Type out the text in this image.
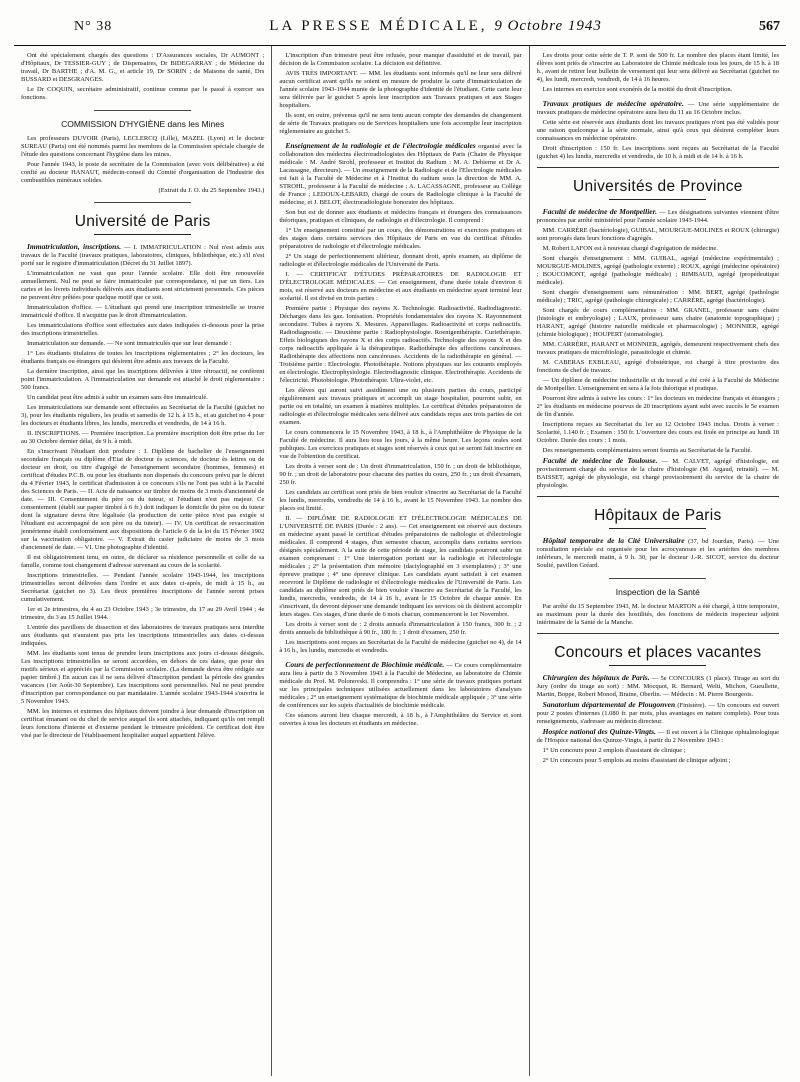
N° 38	LA PRESSE MÉDICALE, 9 Octobre 1943	567

Ont été spécialement chargés des questions : D'Assurances sociales, Dr AUMONT ; d'Hôpitaux, Dr TESSIER-GUY ; de Dispensaires, Dr BIDEGARRAY ; de Médecine du travail, Dr BARTHE ; d'A. M. G., et article 19, Dr SORIN ; de Maisons de santé, Drs BUSSARD et DESGRANGES.

Le Dr COQUIN, secrétaire administratif, continue comme par le passé à exercer ses fonctions.

COMMISSION D'HYGIÈNE dans les Mines

Les professeurs DUVOIR (Paris), LECLERCQ (Lille), MAZEL (Lyon) et le docteur SUREAU (Paris) ont été nommés parmi les membres de la Commission spéciale chargée de l'étude des questions concernant l'hygiène dans les mines.

Pour l'année 1943, le poste de secrétaire de la Commission (avec voix délibérative) a été confié au docteur HANAUT, médecin-conseil du Comité d'organisation de l'Industrie des combustibles minéraux solides.

(Extrait du J. O. du 25 Septembre 1943.)
Université de Paris

Immatriculation, inscriptions. — I. IMMATRICULATION : Nul n'est admis aux travaux de la Faculté (travaux pratiques, laboratoires, cliniques, bibliothèque, etc.) s'il n'est porté sur le registre d'immatriculation (Décret du 31 Juillet 1897).

L'immatriculation ne vaut que pour l'année scolaire. Elle doit être renouvelée annuellement. Nul ne peut se faire immatriculer par correspondance, ni par un tiers. Les cartes et les livrets individuels délivrés aux étudiants sont strictement personnels. Ces pièces ne peuvent être prêtées pour quelque motif que ce soit.

Immatriculation d'office. — L'étudiant qui prend une inscription trimestrielle se trouve immatriculé d'office. Il n'acquitte pas le droit d'immatriculation.

Les immatriculations d'office sont effectuées aux dates indiquées ci-dessous pour la prise des inscriptions trimestrielles.

Immatriculation sur demande. — Ne sont immatriculés que sur leur demande :

1° Les étudiants titulaires de toutes les inscriptions réglementaires ; 2° les docteurs, les étudiants français ou étrangers qui désirent être admis aux travaux de la Faculté.

La dernière inscription, ainsi que les inscriptions délivrées à titre rétroactif, ne confèrent point l'immatriculation. A l'immatriculation sur demande est attaché le droit réglementaire : 500 francs.

Un candidat peut être admis à subir un examen sans être immatriculé.

Les immatriculations sur demande sont effectuées au Secrétariat de la Faculté (guichet no 3), pour les étudiants réguliers, les jeudis et samedis de 12 h. à 15 h., et au guichet no 4 pour les docteurs et étudiants libres, les lundis, mercredis et vendredis, de 14 à 16 h.

II. INSCRIPTIONS. — Première inscription. La première inscription doit être prise du 1er au 30 Octobre dernier délai, de 9 h. à midi.

En s'inscrivant l'étudiant doit produire : I. Diplôme de bachelier de l'enseignement secondaire français ou diplôme d'Etat de docteur ès sciences, de docteur ès lettres ou de docteur en droit, ou titre d'agrégé de l'enseignement secondaire (hommes, femmes) et certificat d'études P.C.B. ou pour les étudiants non dispensés du concours prévu par le décret du 4 Février 1943, le certificat d'admission à ce concours s'ils ne l'ont pas subi à la Faculté des Sciences de Paris. — II. Acte de naissance sur timbre de moins de 3 mois d'ancienneté de date. — III. Consentement du père ou du tuteur, si l'étudiant n'est pas majeur. Ce consentement (établi sur papier timbré à 6 fr.) doit indiquer le domicile du père ou du tuteur dont la signature devra être légalisée (la production de cette pièce n'est pas exigée si l'étudiant est accompagné de son père ou du tuteur). — IV. Un certificat de revaccination jennérienne établi conformément aux dispositions de l'article 6 de la loi du 15 Février 1902 sur la vaccination obligatoire. — V. Extrait du casier judiciaire de moins de 3 mois d'ancienneté de date. — VI. Une photographie d'identité.

Il est obligatoirement tenu, en outre, de déclarer sa résidence personnelle et celle de sa famille, comme tout changement d'adresse survenant au cours de la scolarité.

Inscriptions trimestrielles. — Pendant l'année scolaire 1943-1944, les inscriptions trimestrielles seront délivrées dans l'ordre et aux dates ci-après, de midi à 15 h., au Secrétariat (guichet no 3). Les deux premières inscriptions de l'année seront prises cumulativement.

1er et 2e trimestres, du 4 au 23 Octobre 1943 ; 3e trimestre, du 17 au 29 Avril 1944 ; 4e trimestre, du 3 au 15 Juillet 1944.

L'entrée des pavillons de dissection et des laboratoires de travaux pratiques sera interdite aux étudiants qui n'auraient pas pris les inscriptions trimestrielles aux dates ci-dessus indiquées.

MM. les étudiants sont tenus de prendre leurs inscriptions aux jours ci-dessus désignés. Les inscriptions trimestrielles ne seront accordées, en dehors de ces dates, que pour des motifs sérieux et appréciés par la Commission scolaire. (La demande devra être rédigée sur papier timbré.) En aucun cas il ne sera délivré d'inscription pendant la période des grandes vacances (1er Août-30 Septembre). Les inscriptions sont personnelles. Nul ne peut prendre d'inscription par correspondance ou par mandataire. L'année scolaire 1943-1944 s'ouvrira le 5 Novembre 1943.

MM. les internes et externes des hôpitaux doivent joindre à leur demande d'inscription un certificat émanant ou du chef de service auquel ils sont attachés, indiquant qu'ils ont rempli leurs fonctions d'interne et d'externe pendant le trimestre précédent. Ce certificat doit être visé par le directeur de l'établissement hospitalier auquel appartient l'élève.

L'inscription d'un trimestre peut être refusée, pour manque d'assiduité et de travail, par décision de la Commission scolaire. La décision est définitive.

AVIS TRÈS IMPORTANT. — MM. les étudiants sont informés qu'il ne leur sera délivré aucun certificat avant qu'ils ne soient en mesure de produire la carte d'immatriculation de l'année scolaire 1943-1944 munie de la photographie d'identité de l'étudiant. Cette carte leur sera délivrée par le guichet 5 après leur inscription aux Travaux pratiques et aux Stages hospitaliers.

Ils sont, en outre, prévenus qu'il ne sera tenu aucun compte des demandes de changement de série de Travaux pratiques ou de Services hospitaliers une fois accomplie leur inscription réglementaire au guichet 5.

Enseignement de la radiologie et de l'électrologie médicales organisé avec la collaboration des médecins électroradiologistes des Hôpitaux de Paris (Chaire de Physique médicale : M. André Strohl, professeur et Institut du Radium : M. A. Debierne et Dr A. Lacassagne, directeurs). — Un enseignement de la Radiologie et de l'Electrologie médicales est fait à la Faculté de Médecine et à l'Institut du radium sous la direction de MM. A. STROHL, professeur à la Faculté de médecine ; A. LACASSAGNE, professeur au Collège de France ; LEDOUX-LEBARD, chargé de cours de Radiologie clinique à la Faculté de médecine, et J. BELOT, électroradiologiste honoraire des hôpitaux.

Son but est de donner aux étudiants et médecins français et étrangers des connaissances théoriques, pratiques et cliniques, de radiologie et d'électrologie. Il comprend :

1° Un enseignement constitué par un cours, des démonstrations et exercices pratiques et des stages dans certains services des Hôpitaux de Paris en vue du certificat d'études préparatoires de radiologie et d'électrologie médicales.

2° Un stage de perfectionnement ultérieur, donnant droit, après examen, au diplôme de radiologie et d'électrologie médicales de l'Université de Paris.

I. — CERTIFICAT D'ÉTUDES PRÉPARATOIRES DE RADIOLOGIE ET D'ÉLECTROLOGIE MÉDICALES. — Cet enseignement, d'une durée totale d'environ 6 mois, est réservé aux docteurs en médecine et aux étudiants en médecine ayant terminé leur scolarité. Il est divisé en trois parties :

Première partie : Physique des rayons X. Technologie. Radioactivité. Radiodiagnostic. Décharges dans les gaz. Ionisation. Propriétés fondamentales des rayons X. Rayonnement secondaire. Tubes à rayons X. Mesures. Appareillages. Radioactivité et corps radioactifs. Radiodiagnostic. — Deuxième partie : Radiophysiologie. Roentgenthérapie. Curiethérapie. Effets biologiques des rayons X et des corps radioactifs. Technologie des rayons X et des corps radioactifs appliquée à la thérapeutique. Radiothérapie des affections cancéreuses. Radiothérapie des affections non cancéreuses. Accidents de la radiothérapie en général. — Troisième partie : Electrologie. Photothérapie. Notions physiques sur les courants employés en électrologie. Electrophysiologie. Electrodiagnostic clinique. Electrothérapie. Accidents de l'électricité. Photobiologie. Photothérapie. Ultra-violet, etc.

Les élèves qui auront suivi assidûment une ou plusieurs parties du cours, participé régulièrement aux travaux pratiques et accompli un stage hospitalier, pourront subir, en partie ou en totalité, un examen à matières multiples. Le certificat d'études préparatoires de radiologie et d'électrologie médicales sera délivré aux candidats reçus aux trois parties de cet examen.

Le cours commencera le 15 Novembre 1943, à 18 h., à l'Amphithéâtre de Physique de la Faculté de médecine. Il aura lieu tous les jours, à la même heure. Les leçons orales sont publiques. Les exercices pratiques et stages sont réservés à ceux qui se seront fait inscrire en vue de l'obtention du certificat.

Les droits à verser sont de : Un droit d'immatriculation, 150 fr. ; un droit de bibliothèque, 90 fr. ; un droit de laboratoire pour chacune des parties du cours, 250 fr. ; un droit d'examen, 250 fr.

Les candidats au certificat sont priés de bien vouloir s'inscrire au Secrétariat de la Faculté les lundis, mercredis, vendredis de 14 à 16 h., avant le 15 Novembre 1943. Le nombre des places est limité.

II. — DIPLÔME DE RADIOLOGIE ET D'ÉLECTROLOGIE MÉDICALES DE L'UNIVERSITÉ DE PARIS (Durée : 2 ans). — Cet enseignement est réservé aux docteurs en médecine ayant passé le certificat d'études préparatoires de radiologie et d'électrologie médicales. Il comprend 4 stages, d'un semestre chacun, accomplis dans certains services désignés spécialement. A la suite de cette période de stage, les candidats pourront subir un examen comprenant : 1° Une interrogation portant sur la radiologie et l'électrologie médicales ; 2° la présentation d'un mémoire (dactylographié en 3 exemplaires) ; 3° une épreuve pratique ; 4° une épreuve clinique. Les candidats ayant satisfait à cet examen recevront le Diplôme de radiologie et d'électrologie médicales de l'Université de Paris. Les candidats au diplôme sont priés de bien vouloir s'inscrire au Secrétariat de la Faculté, les lundis, mercredis, vendredis, de 14 à 16 h., avant le 15 Octobre de chaque année. En s'inscrivant, ils devront déposer une demande indiquant les services où ils désirent accomplir leurs stages. Ces stages, d'une durée de 6 mois chacun, commenceront le 1er Novembre.

Les droits à verser sont de : 2 droits annuels d'immatriculation à 150 francs, 300 fr. ; 2 droits annuels de bibliothèque à 90 fr., 180 fr. ; 1 droit d'examen, 250 fr.

Les inscriptions sont reçues au Secrétariat de la Faculté de médecine (guichet no 4), de 14 à 16 h., les lundis, mercredis et vendredis.

Cours de perfectionnement de Biochimie médicale. — Ce cours complémentaire aura lieu à partir du 3 Novembre 1943 à la Faculté de Médecine, au laboratoire de Chimie médicale du Prof. M. Polonovski. Il comprendra : 1° une série de travaux pratiques portant sur les principales techniques utilisées actuellement dans les laboratoires d'analyses médicales ; 2° un enseignement systématique de biochimie médicale appliquée ; 3° une série de conférences sur les sujets d'actualités de biochimie médicale.

Ces séances auront lieu chaque mercredi, à 18 h., à l'Amphithéâtre du Service et sont ouvertes à tous les docteurs et étudiants en médecine.

Les droits pour cette série de T. P. sont de 500 fr. Le nombre des places étant limité, les élèves sont priés de s'inscrire au Laboratoire de Chimie médicale tous les jours, de 15 h. à 18 h., avant de retirer leur bulletin de versement qui leur sera délivré au Secrétariat (guichet no 4), les lundi, mercredi, vendredi, de 14 à 16 heures.

Les internes en exercice sont exonérés de la moitié du droit d'inscription.

Travaux pratiques de médecine opératoire. — Une série supplémentaire de travaux pratiques de médecine opératoire aura lieu du 11 au 16 Octobre inclus.

Cette série est réservée aux étudiants dont les travaux pratiques n'ont pas été validés pour une raison quelconque à la série normale, ainsi qu'à ceux qui désirent compléter leurs connaissances en médecine opératoire.

Droit d'inscription : 150 fr. Les inscriptions sont reçues au Secrétariat de la Faculté (guichet 4) les lundis, mercredis et vendredis, de 10 h. à midi et de 14 h. à 16 h.

Universités de Province

Faculté de médecine de Montpellier. — Les désignations suivantes viennent d'être prononcées par arrêté ministériel pour l'année scolaire 1943-1944.

MM. CARRÈRE (bactériologie), GUIBAL, MOURGUE-MOLINES et ROUX (chirurgie) sont prorogés dans leurs fonctions d'agrégés.

M. Robert LAFON est à nouveau chargé d'agrégation de médecine.

Sont chargés d'enseignement : MM. GUIBAL, agrégé (médecine expérimentale) ; MOURGUE-MOLINES, agrégé (pathologie externe) ; ROUX, agrégé (médecine opératoire) ; BOUCOMONT, agrégé (pathologie médicale) ; RIMBAUD, agrégé (propédeutique médicale).

Sont chargés d'enseignement sans rémunération : MM. BERT, agrégé (pathologie médicale) ; TRIC, agrégé (pathologie chirurgicale) ; CARRÈRE, agrégé (bactériologie).

Sont chargés de cours complémentaires : MM. GRANEL, professeur sans chaire (histologie et embryologie) ; LAUX, professeur sans chaire (anatomie topographique) ; HARANT, agrégé (histoire naturelle médicale et pharmacologie) ; MONNIER, agrégé (chimie biologique) ; HOUPERT (stomatologie).

MM. CARRÈRE, HARANT et MONNIER, agrégés, demeurent respectivement chefs des travaux pratiques de microbiologie, parasitologie et chimie.

M. CABERAS EXBLEAU, agrégé d'obstétrique, est chargé à titre provisoire des fonctions de chef de travaux.

— Un diplôme de médecine industrielle et du travail a été créé à la Faculté de Médecine de Montpellier. L'enseignement en sera à la fois théorique et pratique.

Pourront être admis à suivre les cours : 1° les docteurs en médecine français et étrangers ; 2° les étudiants en médecine pourvus de 20 inscriptions ayant subi avec succès le 5e examen de fin d'année.

Inscriptions reçues au Secrétariat du 1er au 12 Octobre 1943 inclus. Droits à verser : Scolarité, 1.140 fr. ; Examen : 150 fr. L'ouverture des cours est fixée en principe au lundi 18 Octobre. Durée des cours : 1 mois.

Des renseignements complémentaires seront fournis au Secrétariat de la Faculté.

Faculté de médecine de Toulouse. — M. CALVET, agrégé d'histologie, est provisoirement chargé du service de la chaire d'histologie (M. Argaud, retraité). — M. BAISSET, agrégé de physiologie, est chargé provisoirement du service de la chaire de physiologie.

Hôpitaux de Paris

Hôpital temporaire de la Cité Universitaire (37, bd Jourdan, Paris). — Une consultation spéciale est organisée pour les acrocyanoses et les artérites des membres inférieurs, le mercredi matin, à 9 h. 30, par le docteur J.-R. SICOT, service du docteur Soulié, pavillon Gréard.

Inspection de la Santé

Par arrêté du 15 Septembre 1943, M. le docteur MARTON a été chargé, à titre temporaire, au maximum pour la durée des hostilités, des fonctions de médecin inspecteur adjoint intérimaire de la Santé de la Manche.

Concours et places vacantes

Chirurgien des hôpitaux de Paris. — 5e CONCOURS (1 place). Tirage au sort du Jury (ordre du tirage au sort) : MM. Mocquot, R. Bernard, Welti, Michon, Gueullette, Martin, Boppe, Robert Monod, Braine, Oberlin. — Médecin : M. Pierre Bourgeois.

Sanatorium départemental de Plougonven (Finistère). — Un concours est ouvert pour 2 postes d'internes (1.080 fr. par mois, plus avantages en nature complets). Pour tous renseignements, s'adresser au médecin directeur.

Hospice national des Quinze-Vingts. — Il est ouvert à la Clinique ophtalmologique de l'Hospice national des Quinze-Vingts, à partir du 2 Novembre 1943 :

1° Un concours pour 2 emplois d'assistant de clinique ;

2° Un concours pour 5 emplois au moins d'assistant de clinique adjoint ;
